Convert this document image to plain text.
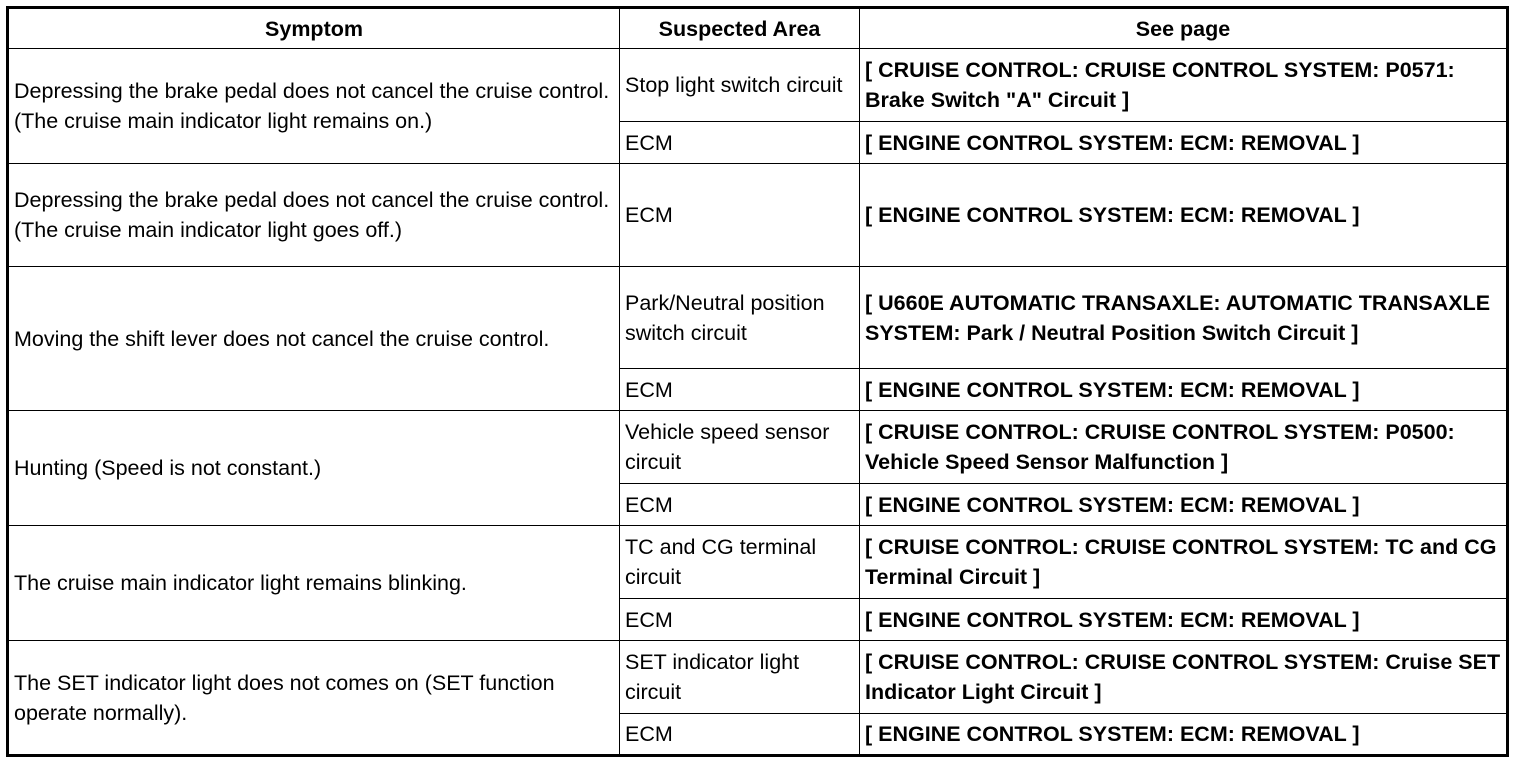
Symptom	Suspected Area	See page
Depressing the brake pedal does not cancel the cruise control. (The cruise main indicator light remains on.)	Stop light switch circuit	[ CRUISE CONTROL: CRUISE CONTROL SYSTEM: P0571: Brake Switch "A" Circuit ]
	ECM	[ ENGINE CONTROL SYSTEM: ECM: REMOVAL ]
Depressing the brake pedal does not cancel the cruise control. (The cruise main indicator light goes off.)	ECM	[ ENGINE CONTROL SYSTEM: ECM: REMOVAL ]
Moving the shift lever does not cancel the cruise control.	Park/Neutral position switch circuit	[ U660E AUTOMATIC TRANSAXLE: AUTOMATIC TRANSAXLE SYSTEM: Park / Neutral Position Switch Circuit ]
	ECM	[ ENGINE CONTROL SYSTEM: ECM: REMOVAL ]
Hunting (Speed is not constant.)	Vehicle speed sensor circuit	[ CRUISE CONTROL: CRUISE CONTROL SYSTEM: P0500: Vehicle Speed Sensor Malfunction ]
	ECM	[ ENGINE CONTROL SYSTEM: ECM: REMOVAL ]
The cruise main indicator light remains blinking.	TC and CG terminal circuit	[ CRUISE CONTROL: CRUISE CONTROL SYSTEM: TC and CG Terminal Circuit ]
	ECM	[ ENGINE CONTROL SYSTEM: ECM: REMOVAL ]
The SET indicator light does not comes on (SET function operate normally).	SET indicator light circuit	[ CRUISE CONTROL: CRUISE CONTROL SYSTEM: Cruise SET Indicator Light Circuit ]
	ECM	[ ENGINE CONTROL SYSTEM: ECM: REMOVAL ]
